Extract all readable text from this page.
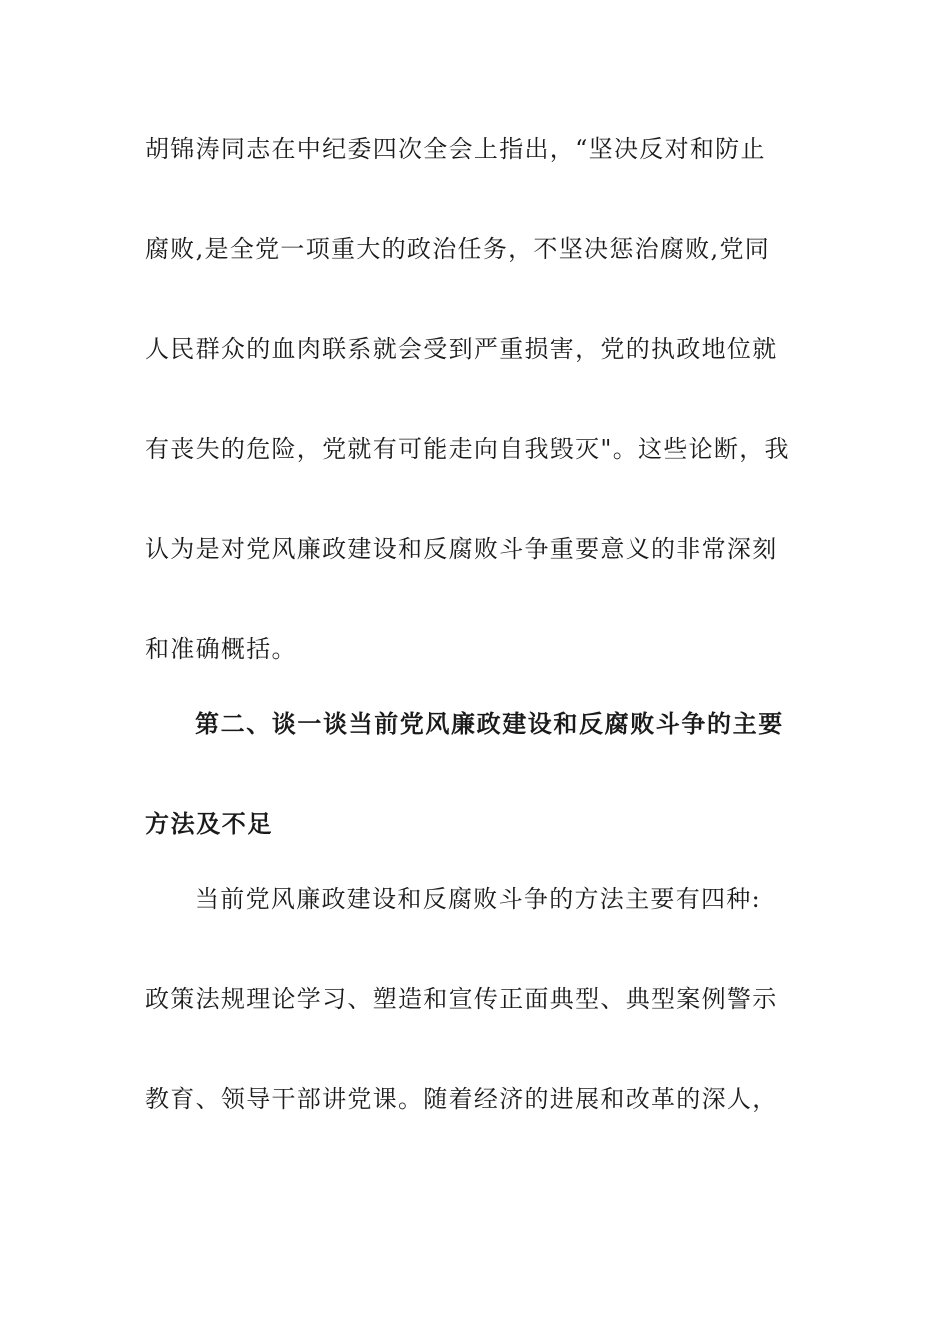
胡锦涛同志在中纪委四次全会上指出，“坚决反对和防止
腐败,是全党一项重大的政治任务，不坚决惩治腐败,党同
人民群众的血肉联系就会受到严重损害，党的执政地位就
有丧失的危险，党就有可能走向自我毁灭"。这些论断，我
认为是对党风廉政建设和反腐败斗争重要意义的非常深刻
和准确概括。
第二、谈一谈当前党风廉政建设和反腐败斗争的主要
方法及不足
当前党风廉政建设和反腐败斗争的方法主要有四种:
政策法规理论学习、塑造和宣传正面典型、典型案例警示
教育、领导干部讲党课。随着经济的进展和改革的深人，
